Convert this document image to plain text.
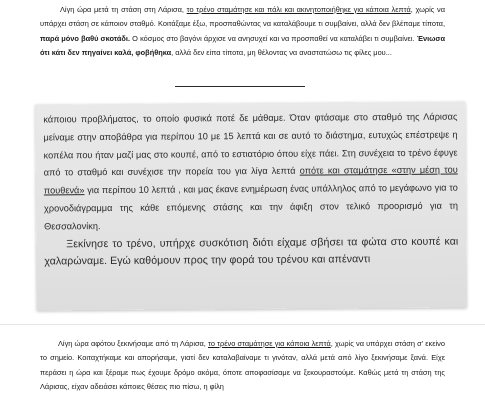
Λίγη ώρα μετά τη στάση στη Λάρισα, το τρένο σταμάτησε και πάλι και ακινητοποιήθηκε για κάποια λεπτά, χωρίς να υπάρχει στάση σε κάποιον σταθμό. Κοιτάξαμε έξω, προσπαθώντας να καταλάβουμε τι συμβαίνει, αλλά δεν βλέπαμε τίποτα, παρά μόνο βαθύ σκοτάδι. Ο κόσμος στο βαγόνι άρχισε να ανησυχεί και να προσπαθεί να καταλάβει τι συμβαίνει. Ένιωσα ότι κάτι δεν πηγαίνει καλά, φοβήθηκα, αλλά δεν είπα τίποτα, μη θέλοντας να αναστατώσω τις φίλες μου...
κάποιου προβλήματος, το οποίο φυσικά ποτέ δε μάθαμε. Όταν φτάσαμε στο σταθμό της Λάρισας μείναμε στην αποβάθρα για περίπου 10 με 15 λεπτά και σε αυτό το διάστημα, ευτυχώς επέστρεψε η κοπέλα που ήταν μαζί μας στο κουπέ, από το εστιατόριο όπου είχε πάει. Στη συνέχεια το τρένο έφυγε από το σταθμό και συνέχισε την πορεία του για λίγα λεπτά οπότε και σταμάτησε «στην μέση του πουθενά» για περίπου 10 λεπτά , και μας έκανε ενημέρωση ένας υπάλληλος από το μεγάφωνο για το χρονοδιάγραμμα της κάθε επόμενης στάσης και την άφιξη στον τελικό προορισμό για τη Θεσσαλονίκη.
Ξεκίνησε το τρένο, υπήρχε συσκότιση διότι είχαμε σβήσει τα φώτα στο κουπέ και χαλαρώναμε. Εγώ καθόμουν προς την φορά του τρένου και απέναντι
Λίγη ώρα αφότου ξεκινήσαμε από τη Λάρισα, το τρένο σταμάτησε για κάποια λεπτά, χωρίς να υπάρχει στάση σ' εκείνο το σημείο. Κοιταχτήκαμε και απορήσαμε, γιατί δεν καταλαβαίναμε τι γινόταν, αλλά μετά από λίγο ξεκινήσαμε ξανά. Είχε περάσει η ώρα και ξέραμε πως έχουμε δρόμο ακόμα, όποτε αποφασίσαμε να ξεκουραστούμε. Καθώς μετά τη στάση της Λάρισας, είχαν αδειάσει κάποιες θέσεις πιο πίσω, η φίλη
